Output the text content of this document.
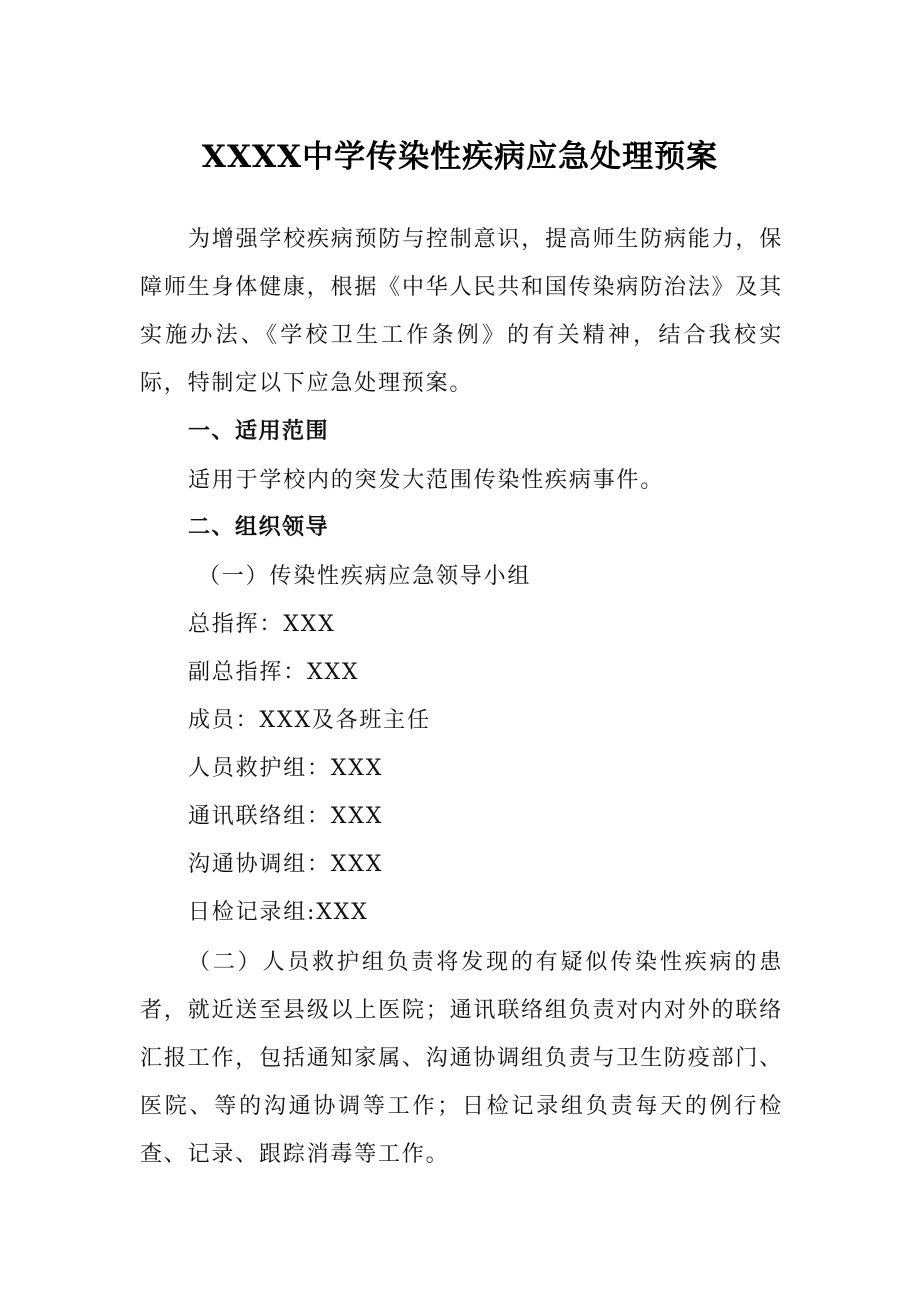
XXXX中学传染性疾病应急处理预案

为增强学校疾病预防与控制意识，提高师生防病能力，保障师生身体健康，根据《中华人民共和国传染病防治法》及其实施办法、《学校卫生工作条例》的有关精神，结合我校实际，特制定以下应急处理预案。

一、适用范围

适用于学校内的突发大范围传染性疾病事件。

二、组织领导

（一）传染性疾病应急领导小组

总指挥：XXX

副总指挥：XXX

成员：XXX及各班主任

人员救护组：XXX

通讯联络组：XXX

沟通协调组：XXX

日检记录组:XXX

（二）人员救护组负责将发现的有疑似传染性疾病的患者，就近送至县级以上医院；通讯联络组负责对内对外的联络汇报工作，包括通知家属、沟通协调组负责与卫生防疫部门、医院、等的沟通协调等工作；日检记录组负责每天的例行检查、记录、跟踪消毒等工作。
